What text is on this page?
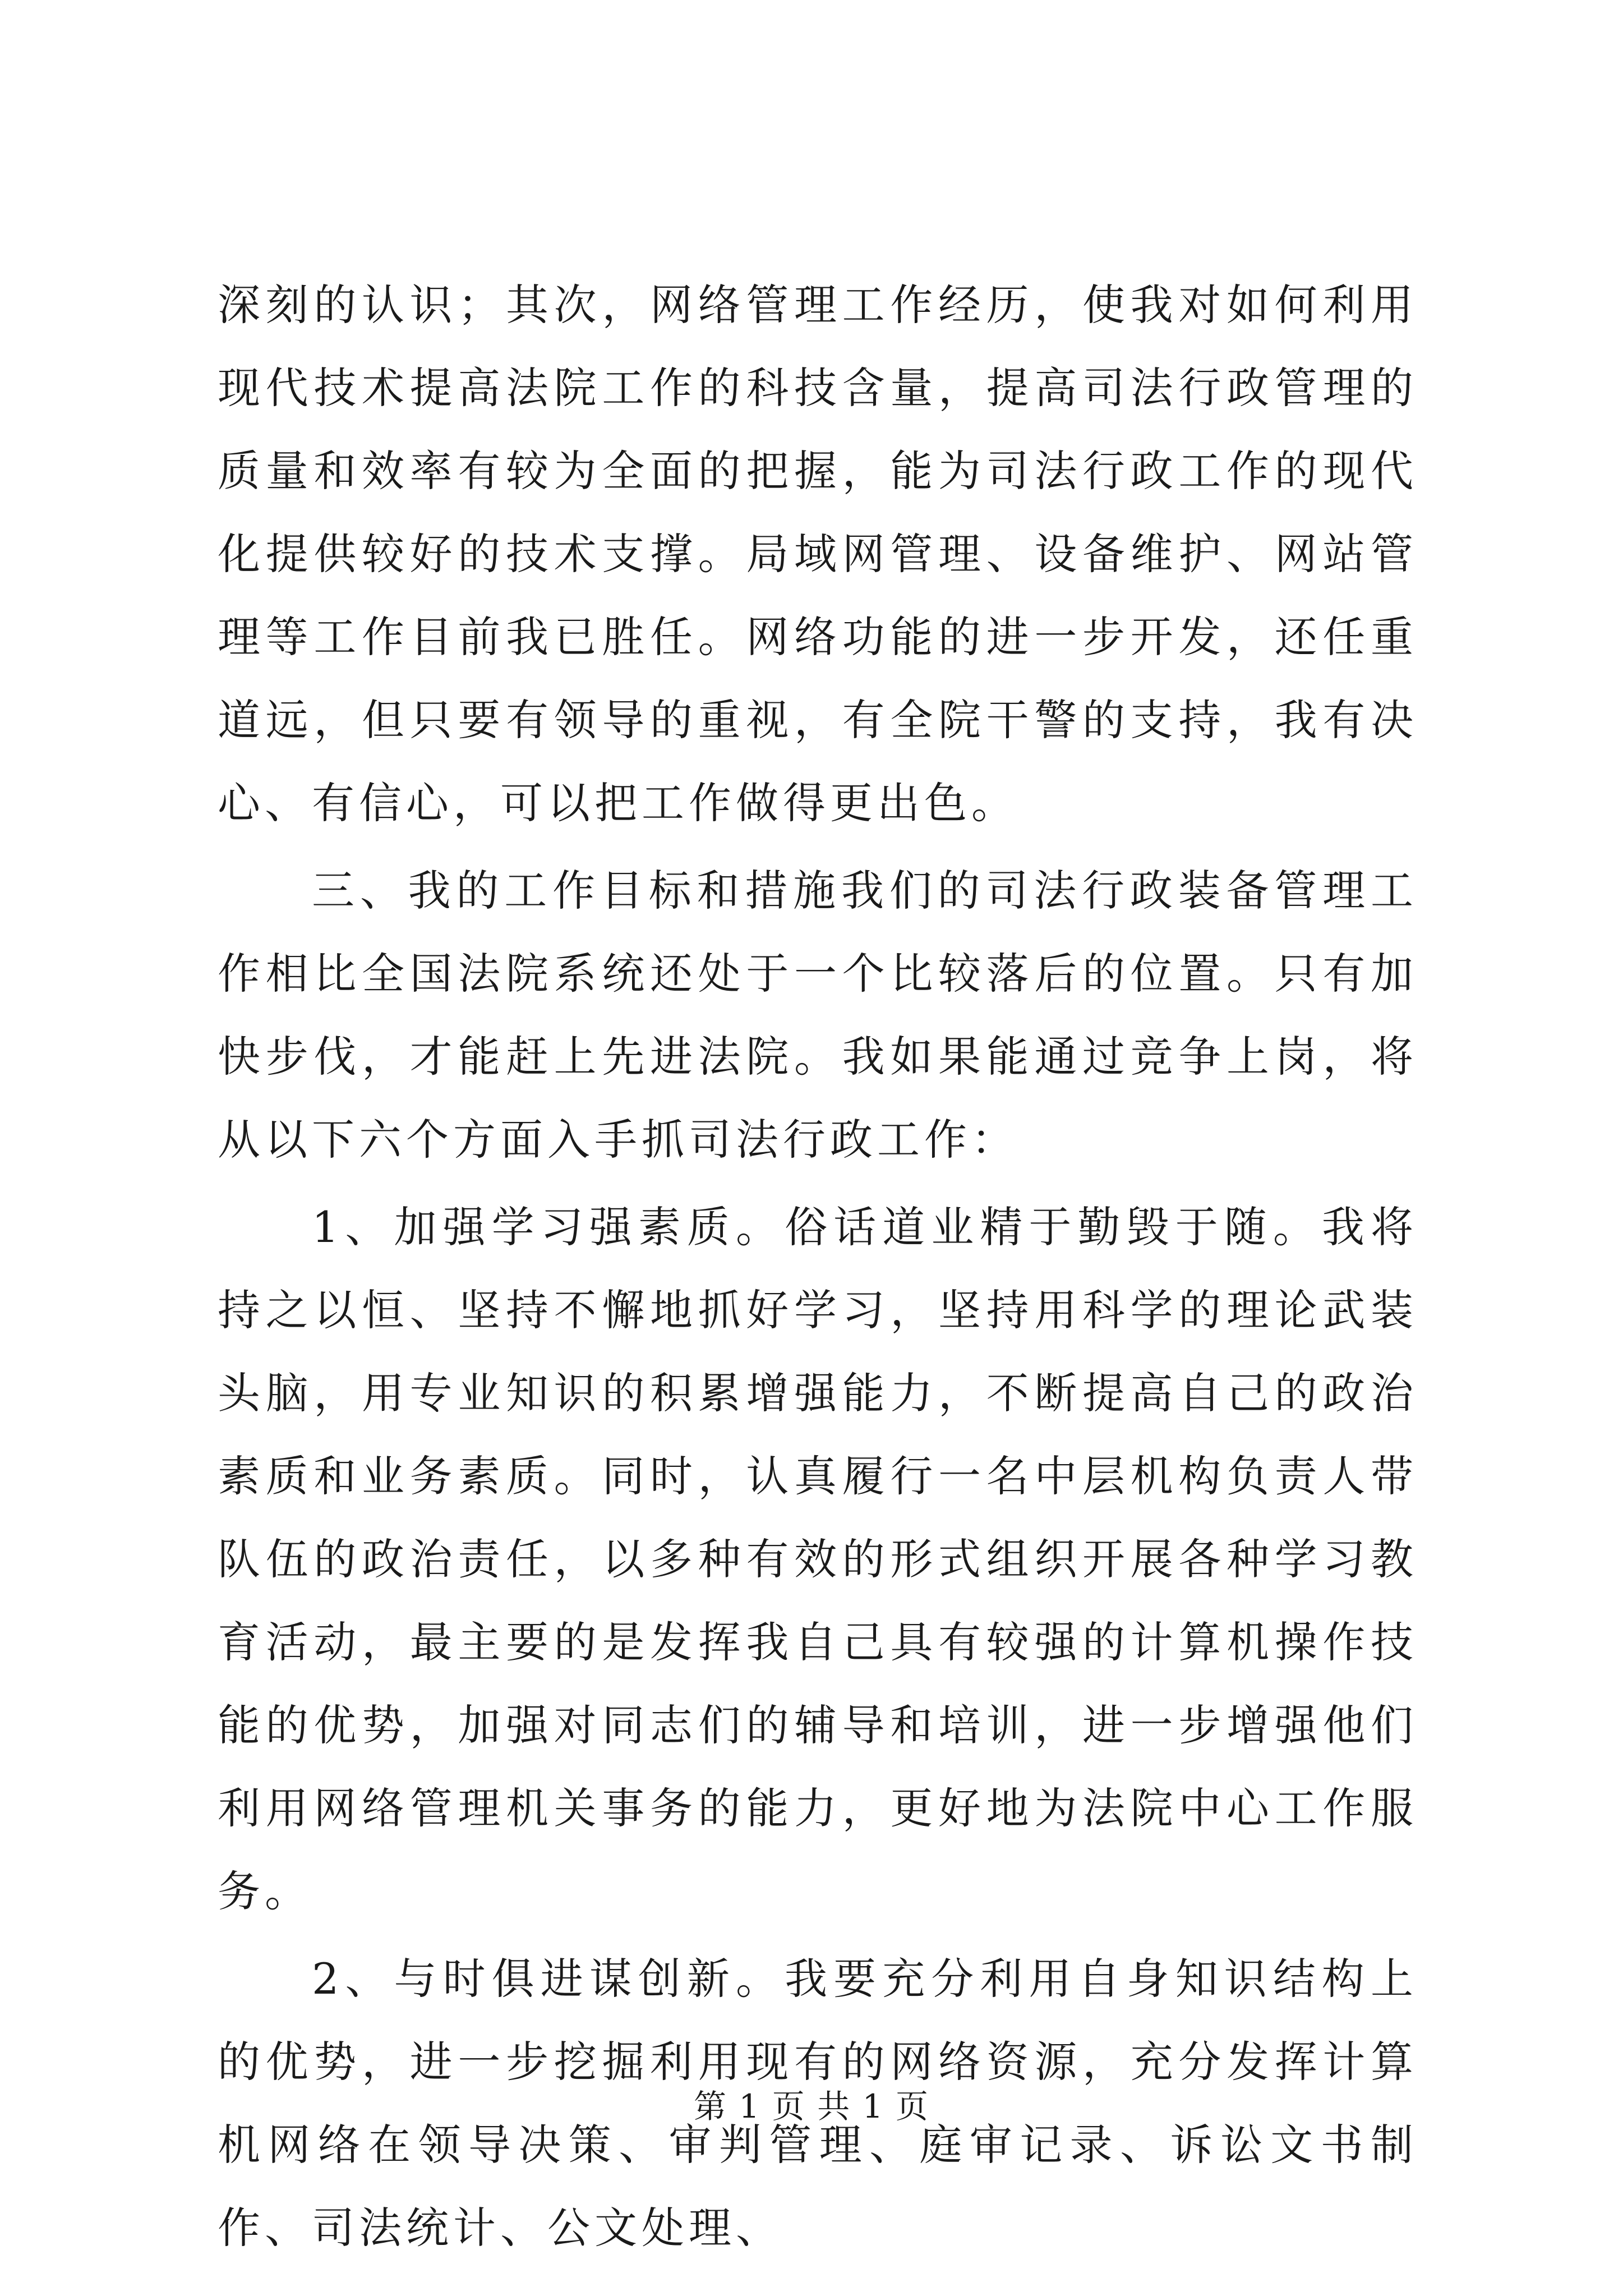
深刻的认识；其次，网络管理工作经历，使我对如何利用现代技术提高法院工作的科技含量，提高司法行政管理的质量和效率有较为全面的把握，能为司法行政工作的现代化提供较好的技术支撑。局域网管理、设备维护、网站管理等工作目前我已胜任。网络功能的进一步开发，还任重道远，但只要有领导的重视，有全院干警的支持，我有决心、有信心，可以把工作做得更出色。

三、我的工作目标和措施我们的司法行政装备管理工作相比全国法院系统还处于一个比较落后的位置。只有加快步伐，才能赶上先进法院。我如果能通过竞争上岗，将从以下六个方面入手抓司法行政工作：

1、加强学习强素质。俗话道业精于勤毁于随。我将持之以恒、坚持不懈地抓好学习，坚持用科学的理论武装头脑，用专业知识的积累增强能力，不断提高自己的政治素质和业务素质。同时，认真履行一名中层机构负责人带队伍的政治责任，以多种有效的形式组织开展各种学习教育活动，最主要的是发挥我自己具有较强的计算机操作技能的优势，加强对同志们的辅导和培训，进一步增强他们利用网络管理机关事务的能力，更好地为法院中心工作服务。

2、与时俱进谋创新。我要充分利用自身知识结构上的优势，进一步挖掘利用现有的网络资源，充分发挥计算机网络在领导决策、审判管理、庭审记录、诉讼文书制作、司法统计、公文处理、

第 1 页 共 1 页
